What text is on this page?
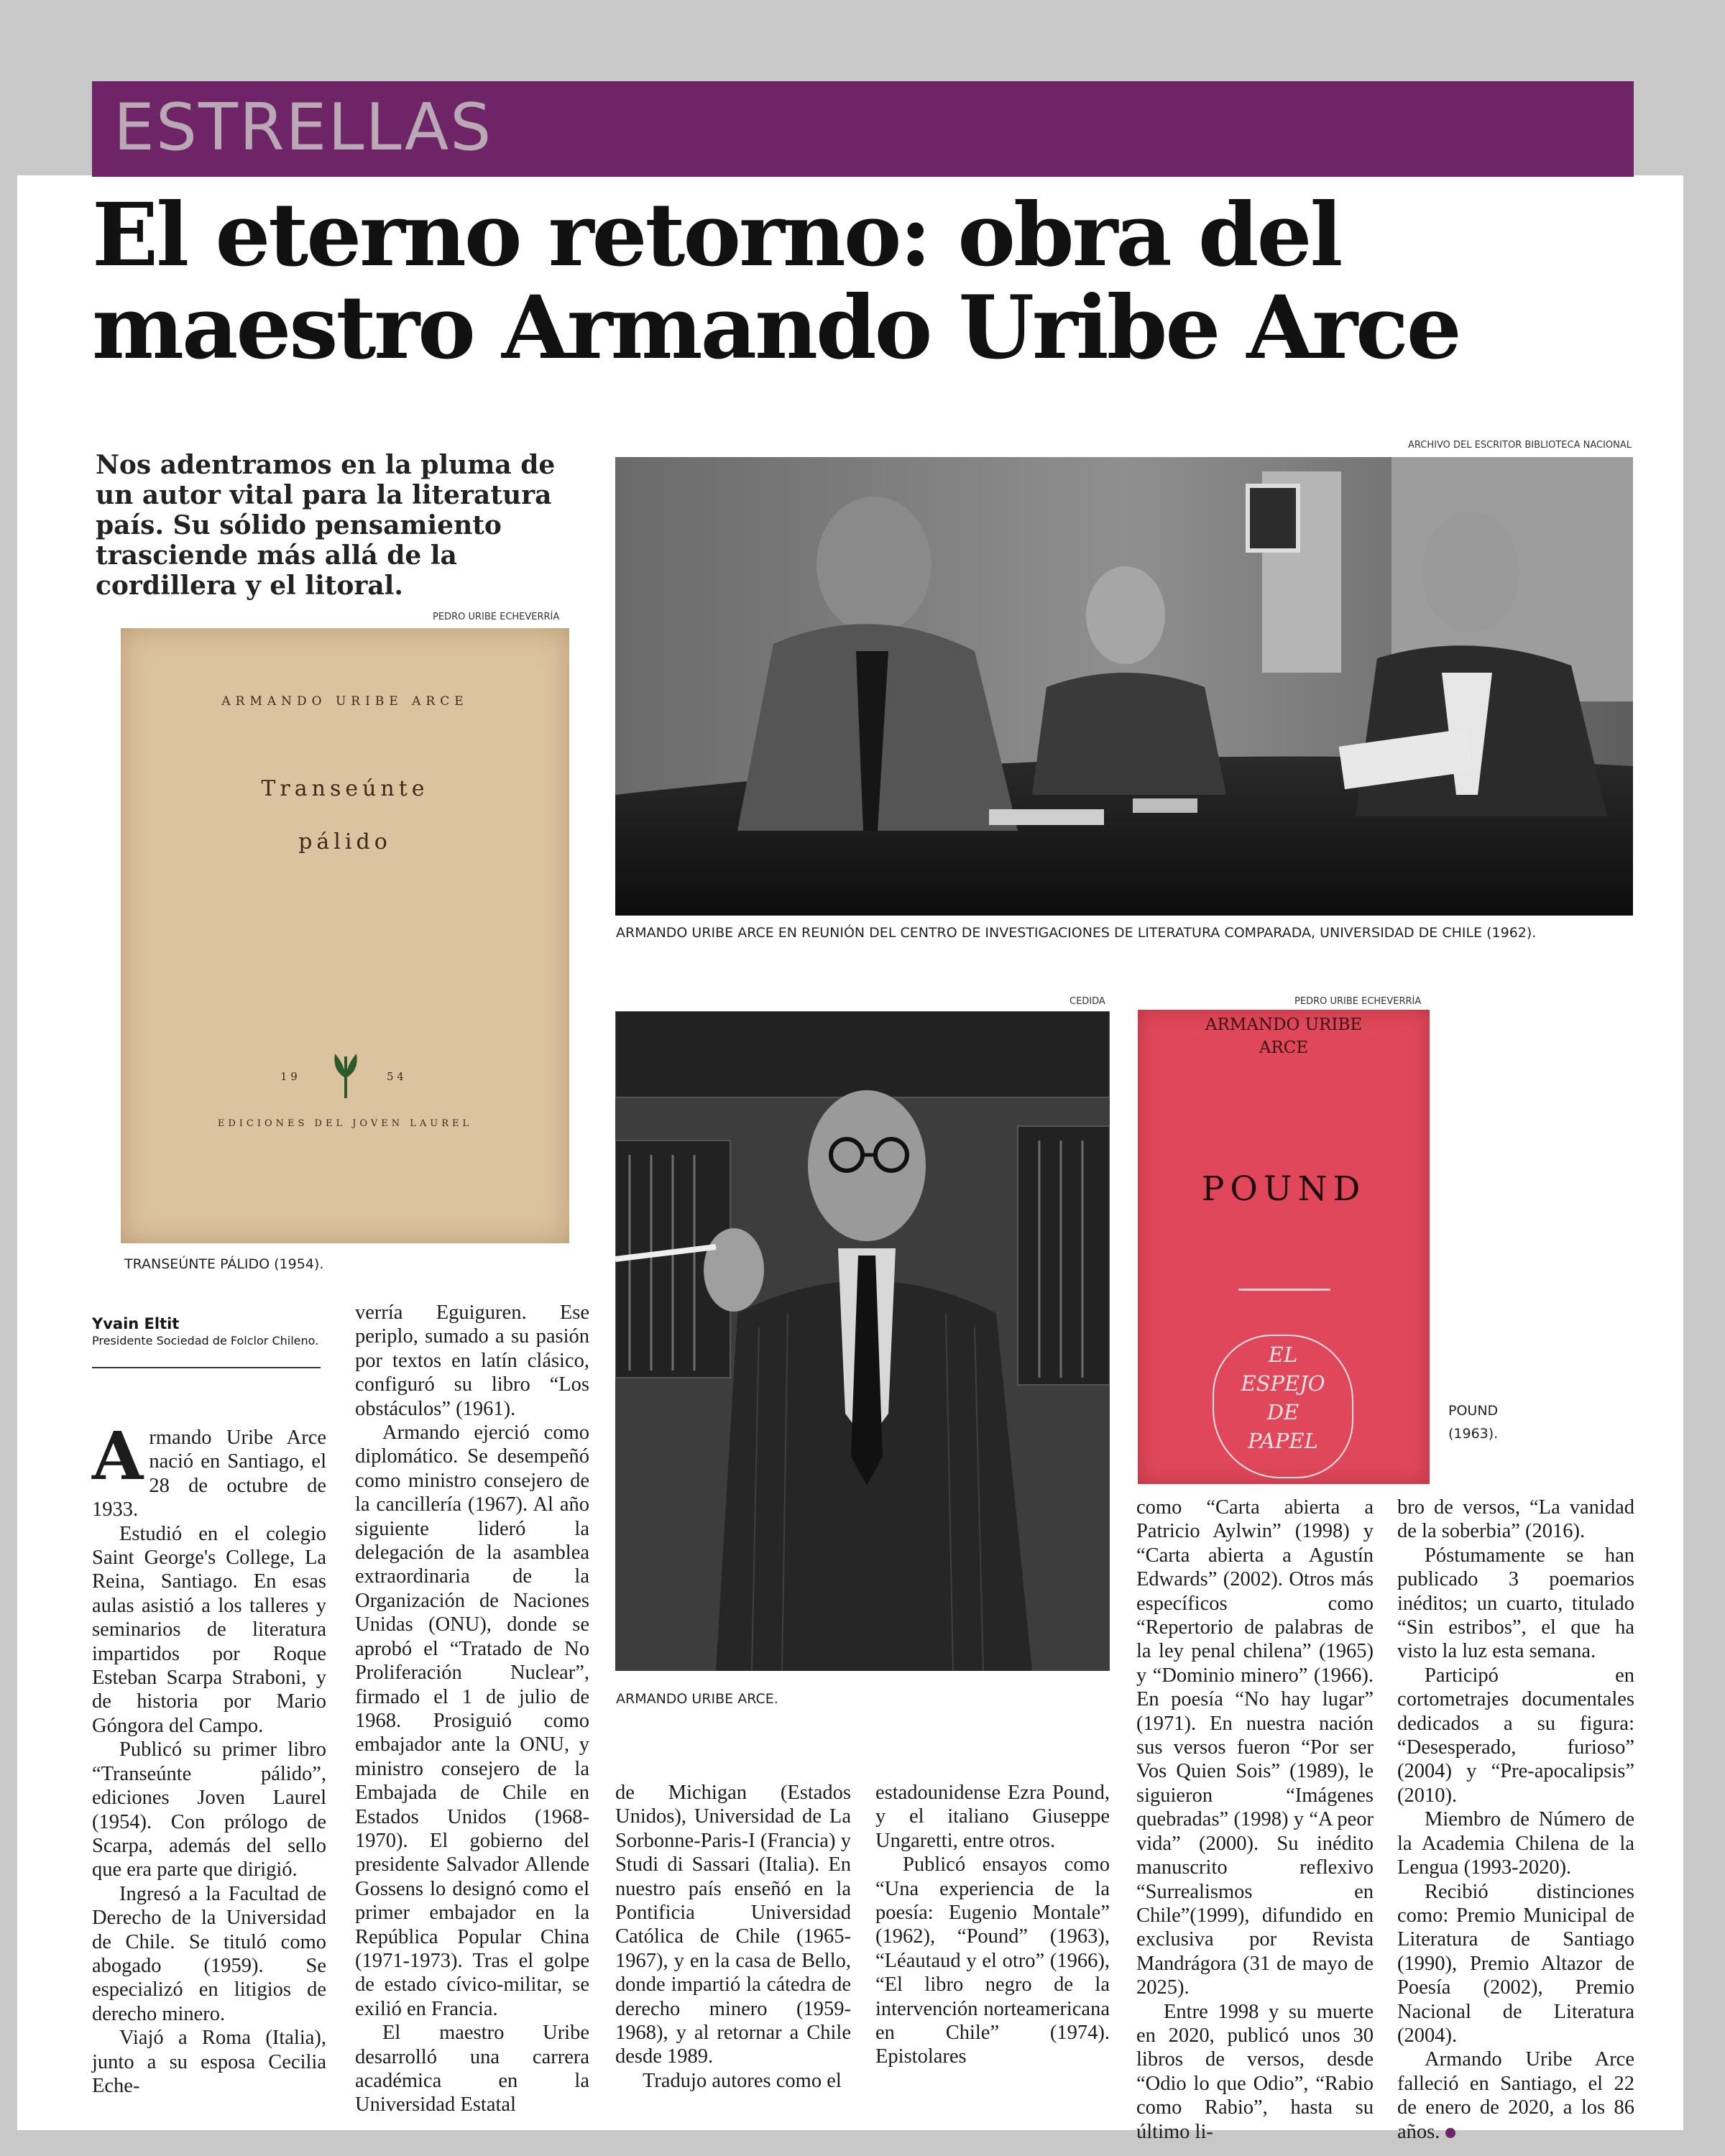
ESTRELLAS
El eterno retorno: obra del maestro Armando Uribe Arce

Nos adentramos en la pluma de un autor vital para la literatura país. Su sólido pensamiento trasciende más allá de la cordillera y el litoral.

ARCHIVO DEL ESCRITOR BIBLIOTECA NACIONAL
ARMANDO URIBE ARCE EN REUNIÓN DEL CENTRO DE INVESTIGACIONES DE LITERATURA COMPARADA, UNIVERSIDAD DE CHILE (1962).
PEDRO URIBE ECHEVERRÍA
ARMANDO URIBE ARCE
Transeúnte
pálido
1 9	5 4
EDICIONES DEL JOVEN LAUREL
TRANSEÚNTE PÁLIDO (1954).
CEDIDA
ARMANDO URIBE ARCE.
PEDRO URIBE ECHEVERRÍA
ARMANDO URIBE
ARCE
POUND
EL
ESPEJO
DE
PAPEL
POUND
(1963).
Yvain Eltit
Presidente Sociedad de Folclor Chileno.

Armando Uribe Arce nació en Santiago, el 28 de octubre de 1933.

Estudió en el colegio Saint George's College, La Reina, Santiago. En esas aulas asistió a los talleres y seminarios de literatura impartidos por Roque Esteban Scarpa Straboni, y de historia por Mario Góngora del Campo.

Publicó su primer libro “Transeúnte pálido”, ediciones Joven Laurel (1954). Con prólogo de Scarpa, además del sello que era parte que dirigió.

Ingresó a la Facultad de Derecho de la Universidad de Chile. Se tituló como abogado (1959). Se especializó en litigios de derecho minero.

Viajó a Roma (Italia), junto a su esposa Cecilia Eche-

verría Eguiguren. Ese periplo, sumado a su pasión por textos en latín clásico, configuró su libro “Los obstáculos” (1961).

Armando ejerció como diplomático. Se desempeñó como ministro consejero de la cancillería (1967). Al año siguiente lideró la delegación de la asamblea extraordinaria de la Organización de Naciones Unidas (ONU), donde se aprobó el “Tratado de No Proliferación Nuclear”, firmado el 1 de julio de 1968. Prosiguió como embajador ante la ONU, y ministro consejero de la Embajada de Chile en Estados Unidos (1968-1970). El gobierno del presidente Salvador Allende Gossens lo designó como el primer embajador en la República Popular China (1971-1973). Tras el golpe de estado cívico-militar, se exilió en Francia.

El maestro Uribe desarrolló una carrera académica en la Universidad Estatal

de Michigan (Estados Unidos), Universidad de La Sorbonne-Paris-I (Francia) y Studi di Sassari (Italia). En nuestro país enseñó en la Pontificia Universidad Católica de Chile (1965-1967), y en la casa de Bello, donde impartió la cátedra de derecho minero (1959-1968), y al retornar a Chile desde 1989.

Tradujo autores como el

estadounidense Ezra Pound, y el italiano Giuseppe Ungaretti, entre otros.

Publicó ensayos como “Una experiencia de la poesía: Eugenio Montale” (1962), “Pound” (1963), “Léautaud y el otro” (1966), “El libro negro de la intervención norteamericana en Chile” (1974). Epistolares

como “Carta abierta a Patricio Aylwin” (1998) y “Carta abierta a Agustín Edwards” (2002). Otros más específicos como “Repertorio de palabras de la ley penal chilena” (1965) y “Dominio minero” (1966). En poesía “No hay lugar” (1971). En nuestra nación sus versos fueron “Por ser Vos Quien Sois” (1989), le siguieron “Imágenes quebradas” (1998) y “A peor vida” (2000). Su inédito manuscrito reflexivo “Surrealismos en Chile”(1999), difundido en exclusiva por Revista Mandrágora (31 de mayo de 2025).

Entre 1998 y su muerte en 2020, publicó unos 30 libros de versos, desde “Odio lo que Odio”, “Rabio como Rabio”, hasta su último li-

bro de versos, “La vanidad de la soberbia” (2016).

Póstumamente se han publicado 3 poemarios inéditos; un cuarto, titulado “Sin estribos”, el que ha visto la luz esta semana.

Participó en cortometrajes documentales dedicados a su figura: “Desesperado, furioso” (2004) y “Pre-apocalipsis” (2010).

Miembro de Número de la Academia Chilena de la Lengua (1993-2020).

Recibió distinciones como: Premio Municipal de Literatura de Santiago (1990), Premio Altazor de Poesía (2002), Premio Nacional de Literatura (2004).

Armando Uribe Arce falleció en Santiago, el 22 de enero de 2020, a los 86 años.
